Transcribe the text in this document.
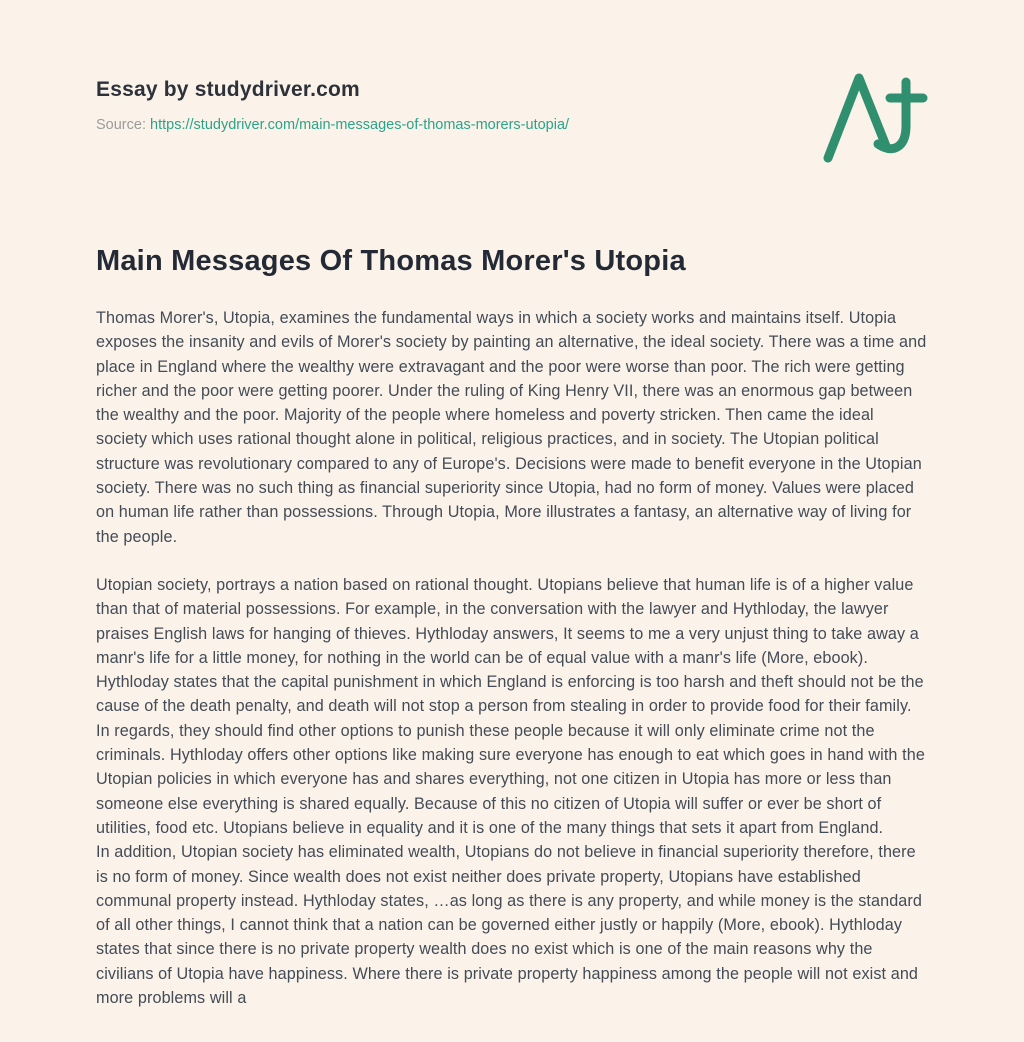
Essay by studydriver.com
Source: https://studydriver.com/main-messages-of-thomas-morers-utopia/
Main Messages Of Thomas Morer's Utopia

Thomas Morer's, Utopia, examines the fundamental ways in which a society works and maintains itself. Utopia exposes the insanity and evils of Morer's society by painting an alternative, the ideal society. There was a time and place in England where the wealthy were extravagant and the poor were worse than poor. The rich were getting richer and the poor were getting poorer. Under the ruling of King Henry VII, there was an enormous gap between the wealthy and the poor. Majority of the people where homeless and poverty stricken. Then came the ideal society which uses rational thought alone in political, religious practices, and in society. The Utopian political structure was revolutionary compared to any of Europe's. Decisions were made to benefit everyone in the Utopian society. There was no such thing as financial superiority since Utopia, had no form of money. Values were placed on human life rather than possessions. Through Utopia, More illustrates a fantasy, an alternative way of living for the people.

Utopian society, portrays a nation based on rational thought. Utopians believe that human life is of a higher value than that of material possessions. For example, in the conversation with the lawyer and Hythloday, the lawyer praises English laws for hanging of thieves. Hythloday answers, It seems to me a very unjust thing to take away a manr's life for a little money, for nothing in the world can be of equal value with a manr's life (More, ebook). Hythloday states that the capital punishment in which England is enforcing is too harsh and theft should not be the cause of the death penalty, and death will not stop a person from stealing in order to provide food for their family. In regards, they should find other options to punish these people because it will only eliminate crime not the criminals. Hythloday offers other options like making sure everyone has enough to eat which goes in hand with the Utopian policies in which everyone has and shares everything, not one citizen in Utopia has more or less than someone else everything is shared equally. Because of this no citizen of Utopia will suffer or ever be short of utilities, food etc. Utopians believe in equality and it is one of the many things that sets it apart from England.

In addition, Utopian society has eliminated wealth, Utopians do not believe in financial superiority therefore, there is no form of money. Since wealth does not exist neither does private property, Utopians have established communal property instead. Hythloday states, …as long as there is any property, and while money is the standard of all other things, I cannot think that a nation can be governed either justly or happily (More, ebook). Hythloday states that since there is no private property wealth does no exist which is one of the main reasons why the civilians of Utopia have happiness. Where there is private property happiness among the people will not exist and more problems will a
